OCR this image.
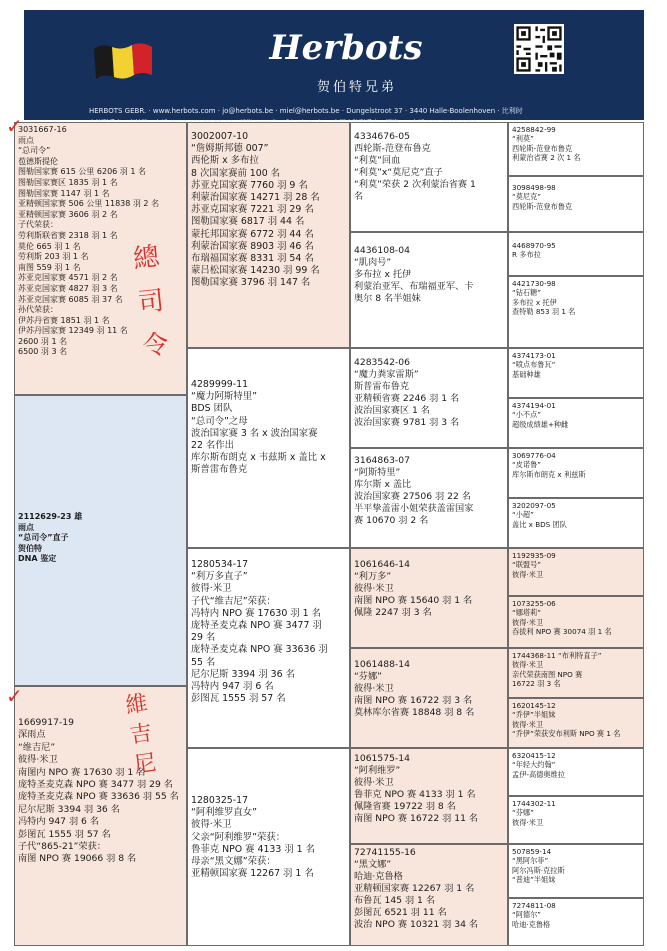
Herbots
贺伯特兄弟
HERBOTS GEBR. · www.herbots.com · jo@herbots.be · miel@herbots.be · Dungelstroot 37 · 3440 Halle-Boolenhoven · 比利时
3031667-16
雨点
“总司令”
苞德斯提伦
图勒国家赛 615 公里 6206 羽 1 名
图勒国家赛区 1835 羽 1 名
图勒国家赛 1147 羽 1 名
亚精顿国家赛 506 公里 11838 羽 2 名
亚精顿国家赛 3606 羽 2 名
子代荣获：
劳利斯联省赛 2318 羽 1 名
莫伦 665 羽 1 名
劳利斯 203 羽 1 名
南图 559 羽 1 名
苏亚克国家赛 4571 羽 2 名
苏亚克国家赛 4827 羽 3 名
苏亚克国家赛 6085 羽 37 名
孙代荣获：
伊苏丹省赛 1851 羽 1 名
伊苏丹国家赛 12349 羽 11 名
2600 羽 1 名
6500 羽 3 名
2112629-23 雄
雨点
“总司令”直子
贺伯特
DNA 鉴定
1669917-19
深雨点
“维吉尼”
彼得·米卫
南图内 NPO 赛 17630 羽 1 名
庞特圣麦克森 NPO 赛 3477 羽 29 名
庞特圣麦克森 NPO 赛 33636 羽 55 名
尼尔尼斯 3394 羽 36 名
冯特内 947 羽 6 名
彭图瓦 1555 羽 57 名
子代“865-21”荣获：
南图 NPO 赛 19066 羽 8 名
3002007-10
“詹姆斯邦德 007”
西伦斯 x 多布拉
8 次国家赛前 100 名
苏亚克国家赛 7760 羽 9 名
利蒙治国家赛 14271 羽 28 名
苏亚克国家赛 7221 羽 29 名
图勒国家赛 6817 羽 44 名
蒙托邦国家赛 6772 羽 44 名
利蒙治国家赛 8903 羽 46 名
布瑞福国家赛 8331 羽 54 名
蒙吕松国家赛 14230 羽 99 名
图勒国家赛 3796 羽 147 名
4289999-11
“魔力阿斯特里”
BDS 团队
“总司令”之母
波治国家赛 3 名 x 波治国家赛
22 名作出
库尔斯布朗克 x 韦兹斯 x 盖比 x
斯普雷布鲁克
1280534-17
“利万多直子”
彼得·米卫
子代“维吉尼”荣获：
冯特内 NPO 赛 17630 羽 1 名
庞特圣麦克森 NPO 赛 3477 羽
29 名
庞特圣麦克森 NPO 赛 33636 羽
55 名
尼尔尼斯 3394 羽 36 名
冯特内 947 羽 6 名
彭图瓦 1555 羽 57 名
1280325-17
“阿利维罗直女”
彼得·米卫
父亲“阿利维罗”荣获：
鲁菲克 NPO 赛 4133 羽 1 名
母亲“黑文娜”荣获：
亚精顿国家赛 12267 羽 1 名
4334676-05
西轮斯-范登布鲁克
“利莫”回血
“利莫”x“莫尼克”直子
“利莫”荣获 2 次利蒙治省赛 1
名
4436108-04
“肌肉号”
多布拉 x 托伊
利蒙治亚军、布瑞福亚军、卡
奥尔 8 名半姐妹
4283542-06
“魔力粪家雷斯”
斯普雷布鲁克
亚精顿省赛 2246 羽 1 名
波治国家赛区 1 名
波治国家赛 9781 羽 3 名
3164863-07
“阿斯特里”
库尔斯 x 盖比
波治国家赛 27506 羽 22 名
半平挚盖雷小姐荣获盖雷国家
赛 10670 羽 2 名
1061646-14
“利万多”
彼得·米卫
南图 NPO 赛 15640 羽 1 名
佩隆 2247 羽 3 名
1061488-14
“芬娜”
彼得·米卫
南图 NPO 赛 16722 羽 3 名
莫林库尔省赛 18848 羽 8 名
1061575-14
“阿利维罗”
彼得·米卫
鲁菲克 NPO 赛 4133 羽 1 名
佩隆省赛 19722 羽 8 名
南图 NPO 赛 16722 羽 11 名
72741155-16
“黑文娜”
哈迪·克鲁格
亚精顿国家赛 12267 羽 1 名
布鲁瓦 145 羽 1 名
彭图瓦 6521 羽 11 名
波治 NPO 赛 10321 羽 34 名
4258842-99
“利莫”
西轮斯-范登布鲁克
利蒙治省赛 2 次 1 名
3098498-98
“莫尼克”
西轮斯-范登布鲁克
4468970-95
R 多布拉
4421730-98
“钻石糖”
多布拉 x 托伊
查特勒 853 羽 1 名
4374173-01
“喷点布鲁瓦”
基础种雄
4374194-01
“小不点”
超级成绩雄+种雌
3069776-04
“皮诺鲁”
库尔斯布朗克 x 利兹斯
3202097-05
“小超”
盖比 x BDS 团队
1192935-09
“联盟号”
彼得·米卫
1073255-06
“娜塔莉”
彼得·米卫
吞拔利 NPO 赛 30074 羽 1 名
1744368-11 “布利特直子”
彼得·米卫
亲代荣获南图 NPO 赛
16722 羽 3 名
1620145-12
“乔伊”半姐妹
彼得·米卫
“乔伊”荣获安布利斯 NPO 赛 1 名
6320415-12
“年轻大约翰”
孟伊-高德奥维拉
1744302-11
“芬娜”
彼得·米卫
507859-14
“黑阿尔菲”
阿尔冯斯·克拉斯
“普迪”半姐妹
7274811-08
“阿德尔”
哈迪·克鲁格
✓
✓
總司令
維吉尼
